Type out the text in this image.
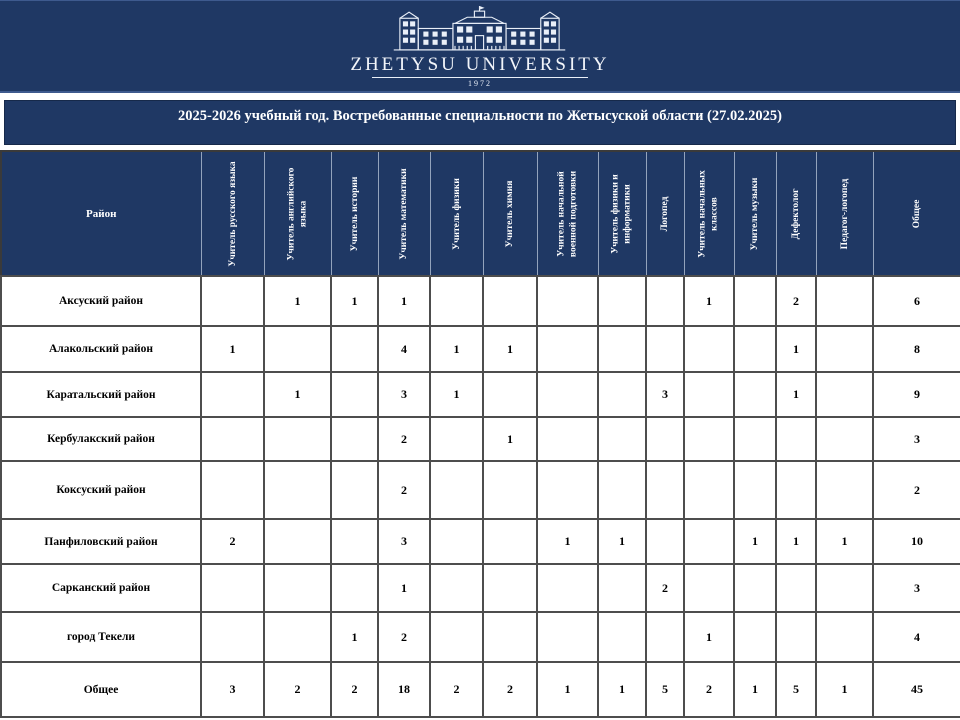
ZHETYSU UNIVERSITY
1972
2025-2026 учебный год. Востребованные специальности по Жетысуской области (27.02.2025)
Район	Учитель русского языка	Учитель английского языка	Учитель истории	Учитель математики	Учитель физики	Учитель химия	Учитель начальной военной подготовки	Учитель физики и информатики	Логопед	Учитель начальных классов	Учитель музыки	Дефектолог	Педагог-логопед	Общее

Аксуский район		1	1	1						1		2		6
Алакольский район	1			4	1	1						1		8
Каратальский район		1		3	1				3			1		9
Кербулакский район				2		1								3
Коксуский район				2										2
Панфиловский район	2			3			1	1			1	1	1	10
Сарканский район				1					2					3
город Текели			1	2						1				4
Общее	3	2	2	18	2	2	1	1	5	2	1	5	1	45
